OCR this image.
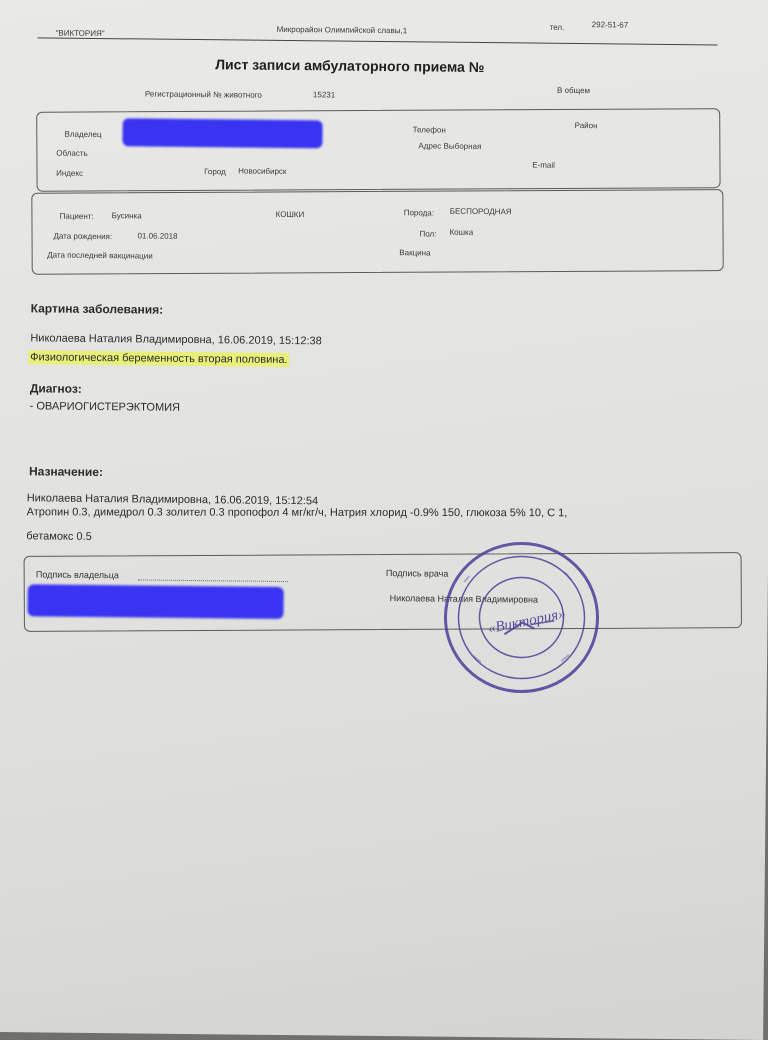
"ВИКТОРИЯ"	Микрорайон Олимпийской славы,1	тел.	292-51-67
Лист записи амбулаторного приема №
Регистрационный № животного	15231	В общем
Владелец	Телефон	Район
Область
Адрес Выборная
E-mail
Индекс	Город Новосибирск
Пациент: Бусинка	КОШКИ	Порода: БЕСПОРОДНАЯ
Дата рождения:	01.06.2018	Пол: Кошка
Дата последней вакцинации	Вакцина
Картина заболевания:
Николаева Наталия Владимировна, 16.06.2019, 15:12:38
Физиологическая беременность вторая половина.
Диагноз:
- ОВАРИОГИСТЕРЭКТОМИЯ
Назначение:
Николаева Наталия Владимировна, 16.06.2019, 15:12:54
Атропин 0.3, димедрол 0.3 золител 0.3 пропофол 4 мг/кг/ч, Натрия хлорид -0.9% 150, глюкоза 5% 10, С 1,
бетамокс 0.5
Подпись владельца	Подпись врача
Николаева Наталия Владимировна
«Виктория»
